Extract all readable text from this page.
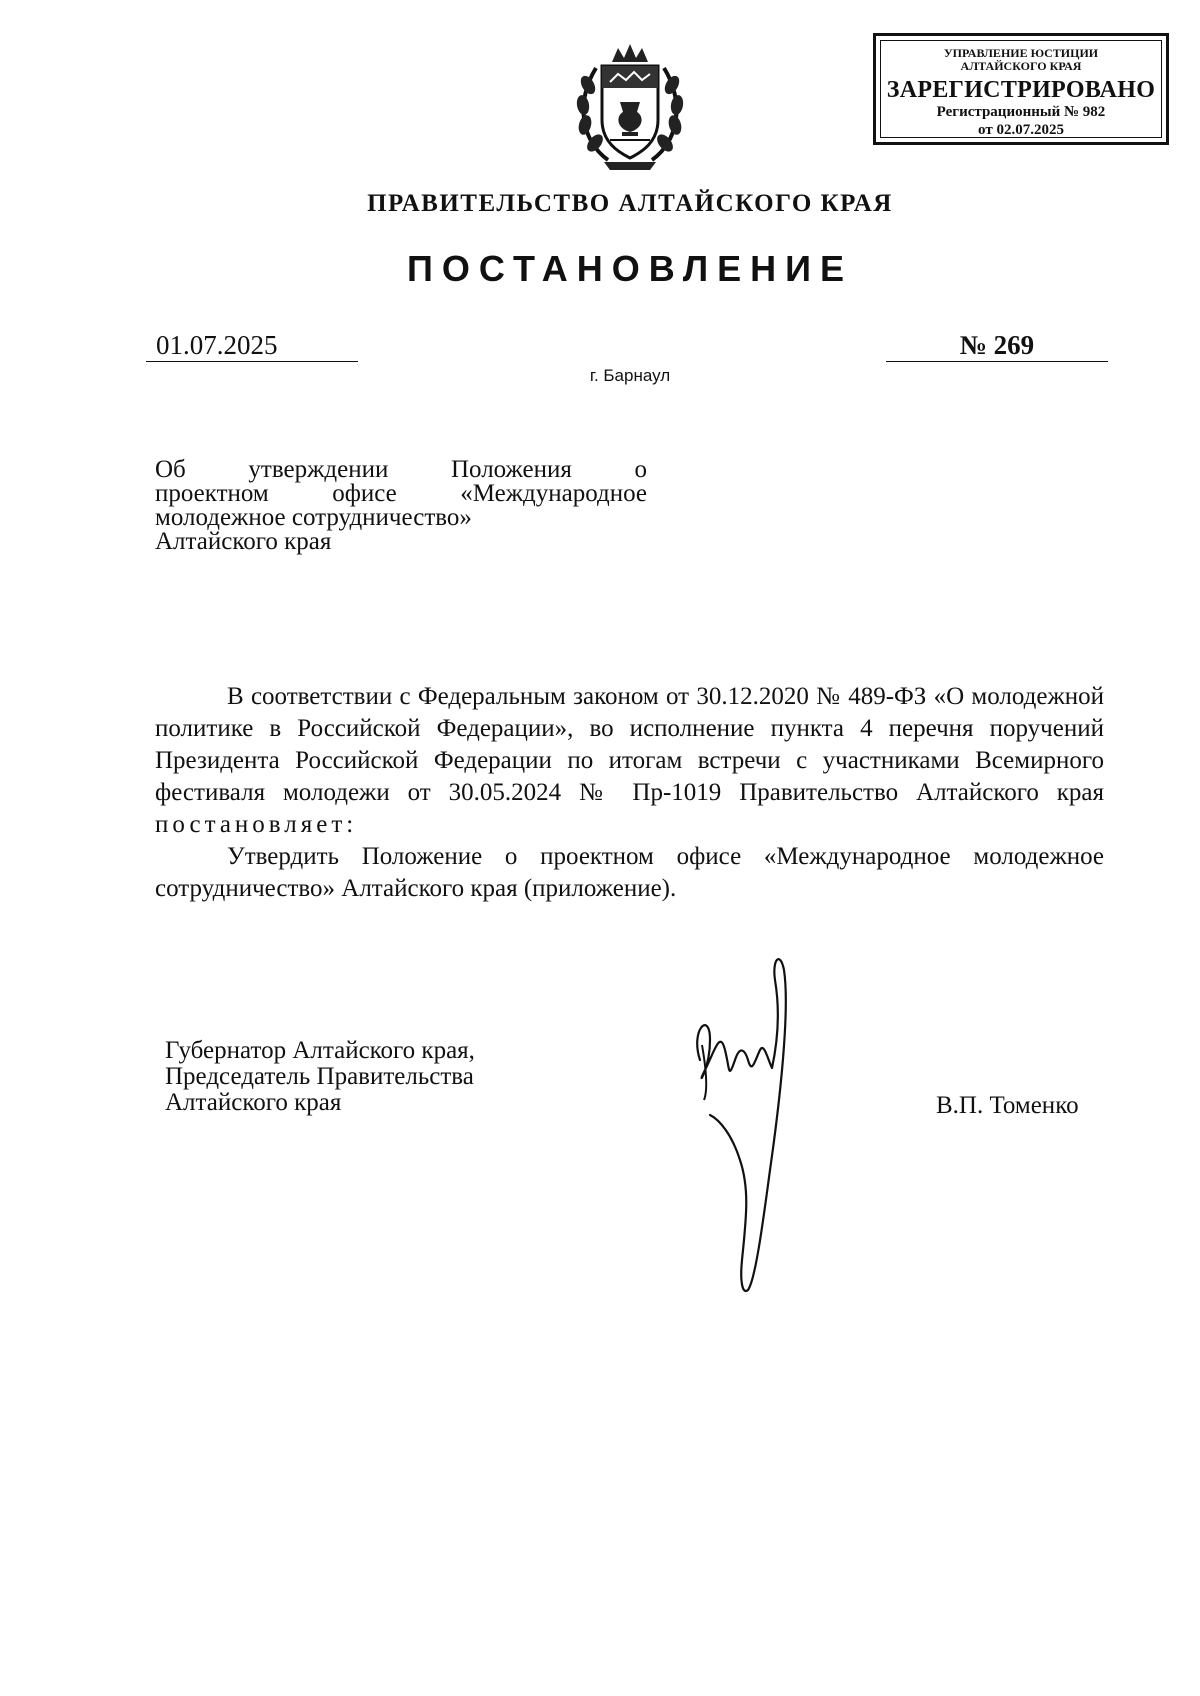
УПРАВЛЕНИЕ ЮСТИЦИИ
АЛТАЙСКОГО КРАЯ
ЗАРЕГИСТРИРОВАНО
Регистрационный № 982
от 02.07.2025
ПРАВИТЕЛЬСТВО АЛТАЙСКОГО КРАЯ
ПОСТАНОВЛЕНИЕ
01.07.2025	№ 269
г. Барнаул
Об утверждении Положения о
проектном офисе «Международное
молодежное сотрудничество»
Алтайского края

В соответствии с Федеральным законом от 30.12.2020 № 489-ФЗ «О молодежной политике в Российской Федерации», во исполнение пункта 4 перечня поручений Президента Российской Федерации по итогам встречи с участниками Всемирного фестиваля молодежи от 30.05.2024 № Пр-1019 Правительство Алтайского края постановляет:

Утвердить Положение о проектном офисе «Международное молодежное сотрудничество» Алтайского края (приложение).

Губернатор Алтайского края,
Председатель Правительства
Алтайского края	В.П. Томенко
